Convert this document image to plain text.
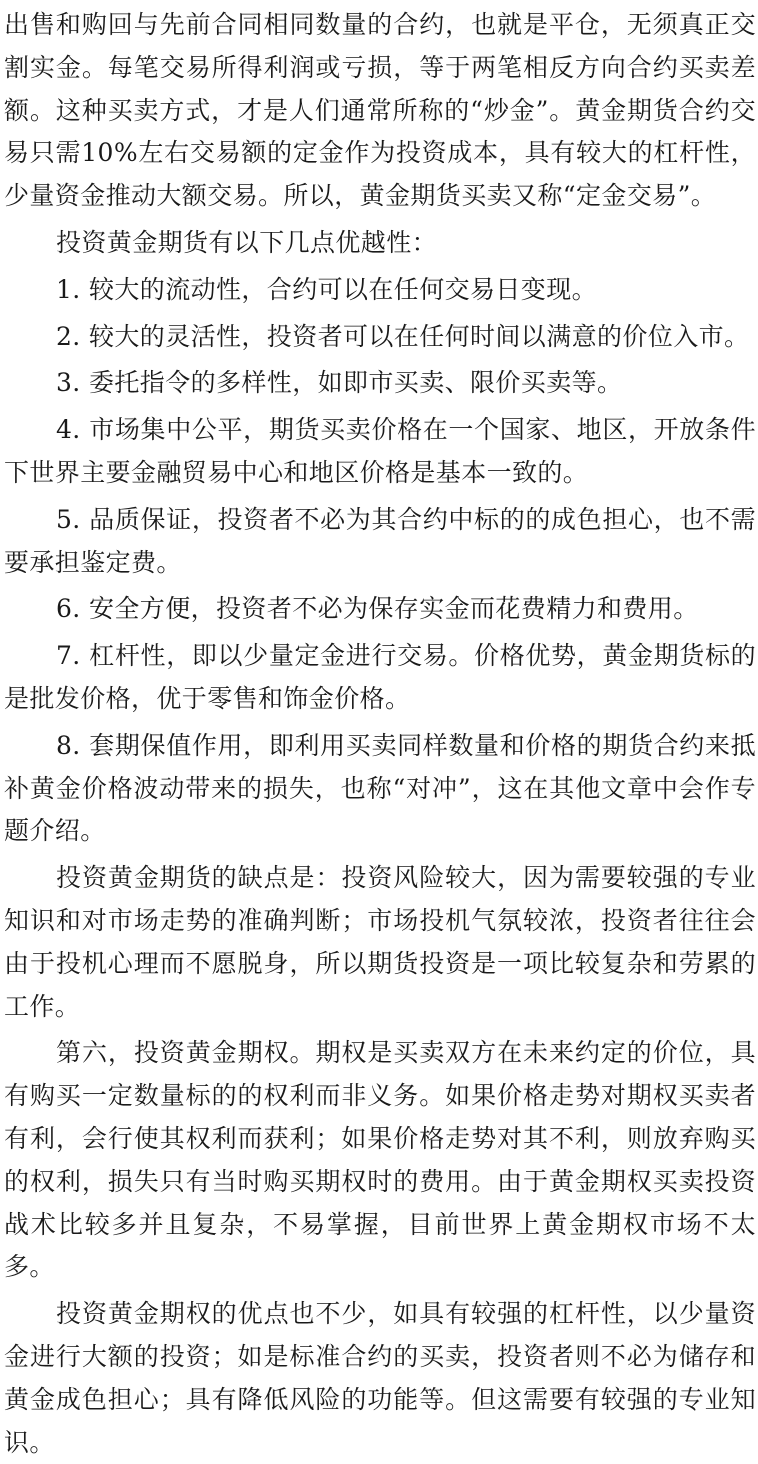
出售和购回与先前合同相同数量的合约，也就是平仓，无须真正交割实金。每笔交易所得利润或亏损，等于两笔相反方向合约买卖差额。这种买卖方式，才是人们通常所称的“炒金”。黄金期货合约交易只需10%左右交易额的定金作为投资成本，具有较大的杠杆性，少量资金推动大额交易。所以，黄金期货买卖又称“定金交易”。

投资黄金期货有以下几点优越性：

1. 较大的流动性，合约可以在任何交易日变现。

2. 较大的灵活性，投资者可以在任何时间以满意的价位入市。

3. 委托指令的多样性，如即市买卖、限价买卖等。

4. 市场集中公平，期货买卖价格在一个国家、地区，开放条件下世界主要金融贸易中心和地区价格是基本一致的。

5. 品质保证，投资者不必为其合约中标的的成色担心，也不需要承担鉴定费。

6. 安全方便，投资者不必为保存实金而花费精力和费用。

7. 杠杆性，即以少量定金进行交易。价格优势，黄金期货标的是批发价格，优于零售和饰金价格。

8. 套期保值作用，即利用买卖同样数量和价格的期货合约来抵补黄金价格波动带来的损失，也称“对冲”，这在其他文章中会作专题介绍。

投资黄金期货的缺点是：投资风险较大，因为需要较强的专业知识和对市场走势的准确判断；市场投机气氛较浓，投资者往往会由于投机心理而不愿脱身，所以期货投资是一项比较复杂和劳累的工作。

第六，投资黄金期权。期权是买卖双方在未来约定的价位，具有购买一定数量标的的权利而非义务。如果价格走势对期权买卖者有利，会行使其权利而获利；如果价格走势对其不利，则放弃购买的权利，损失只有当时购买期权时的费用。由于黄金期权买卖投资战术比较多并且复杂，不易掌握，目前世界上黄金期权市场不太多。

投资黄金期权的优点也不少，如具有较强的杠杆性，以少量资金进行大额的投资；如是标准合约的买卖，投资者则不必为储存和黄金成色担心；具有降低风险的功能等。但这需要有较强的专业知识。
